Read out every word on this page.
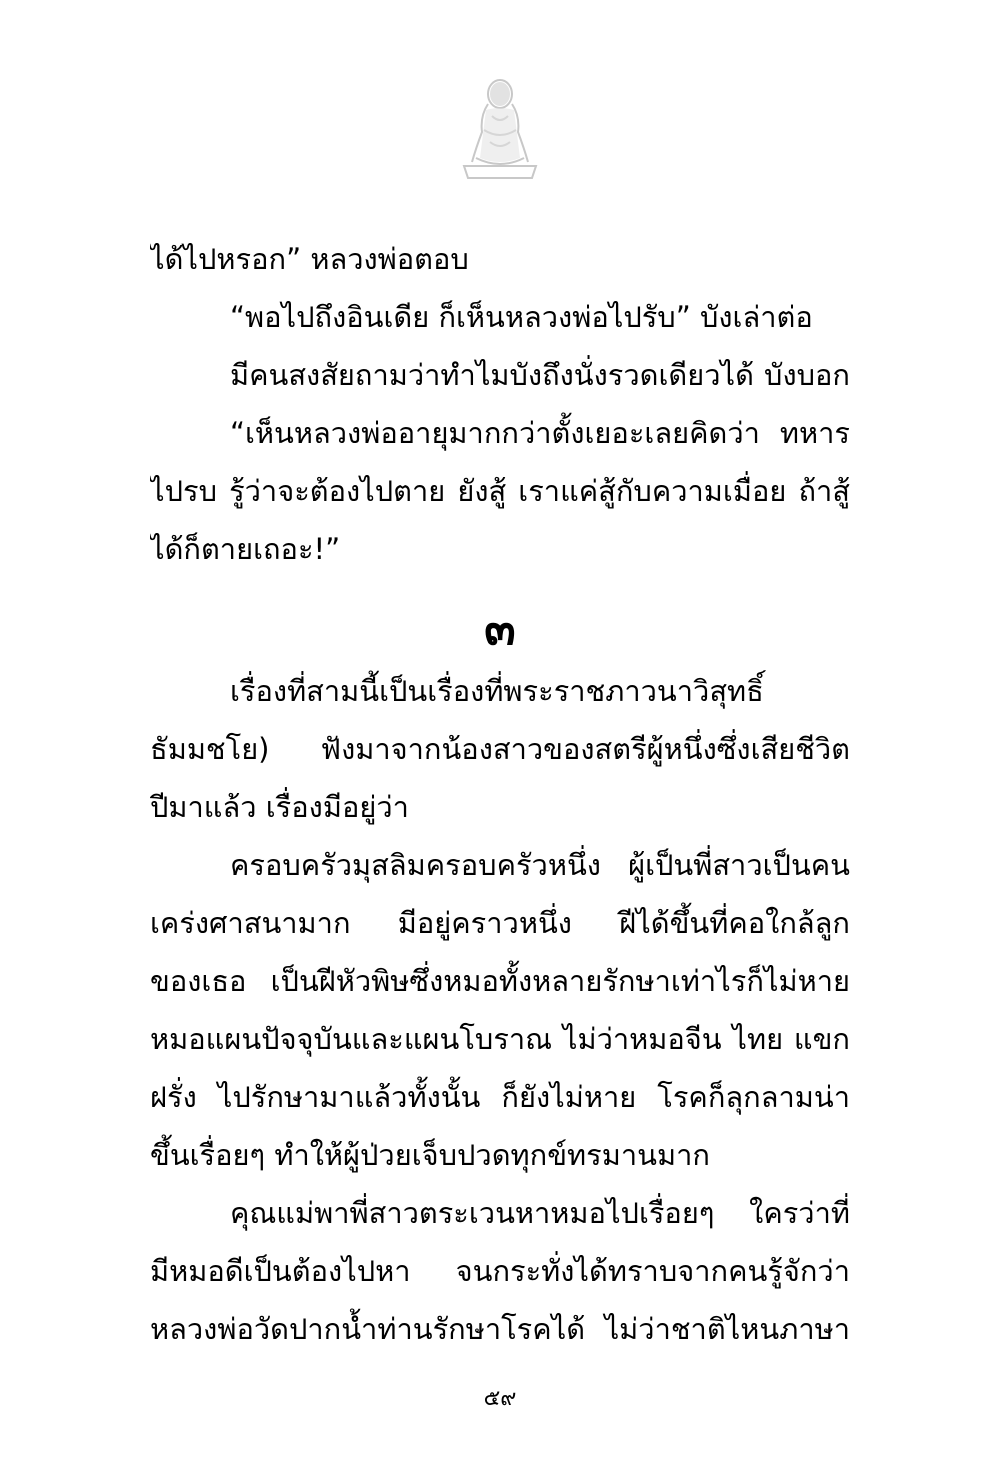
ได้ไปหรอก” หลวงพ่อตอบ
“พอไปถึงอินเดีย ก็เห็นหลวงพ่อไปรับ” บังเล่าต่อ
มีคนสงสัยถามว่าทำไมบังถึงนั่งรวดเดียวได้ บังบอก
“เห็นหลวงพ่ออายุมากกว่าตั้งเยอะเลยคิดว่า ทหาร
ไปรบ รู้ว่าจะต้องไปตาย ยังสู้ เราแค่สู้กับความเมื่อย ถ้าสู้
ได้ก็ตายเถอะ!”
๓
เรื่องที่สามนี้เป็นเรื่องที่พระราชภาวนาวิสุทธิ์
ธัมมชโย) ฟังมาจากน้องสาวของสตรีผู้หนึ่งซึ่งเสียชีวิต
ปีมาแล้ว เรื่องมีอยู่ว่า
ครอบครัวมุสลิมครอบครัวหนึ่ง ผู้เป็นพี่สาวเป็นคน
เคร่งศาสนามาก มีอยู่คราวหนึ่ง ฝีได้ขึ้นที่คอใกล้ลูก
ของเธอ เป็นฝีหัวพิษซึ่งหมอทั้งหลายรักษาเท่าไรก็ไม่หาย
หมอแผนปัจจุบันและแผนโบราณ ไม่ว่าหมอจีน ไทย แขก
ฝรั่ง ไปรักษามาแล้วทั้งนั้น ก็ยังไม่หาย โรคก็ลุกลามน่า
ขึ้นเรื่อยๆ ทำให้ผู้ป่วยเจ็บปวดทุกข์ทรมานมาก
คุณแม่พาพี่สาวตระเวนหาหมอไปเรื่อยๆ ใครว่าที่
มีหมอดีเป็นต้องไปหา จนกระทั่งได้ทราบจากคนรู้จักว่า
หลวงพ่อวัดปากน้ำท่านรักษาโรคได้ ไม่ว่าชาติไหนภาษา
๕๙
